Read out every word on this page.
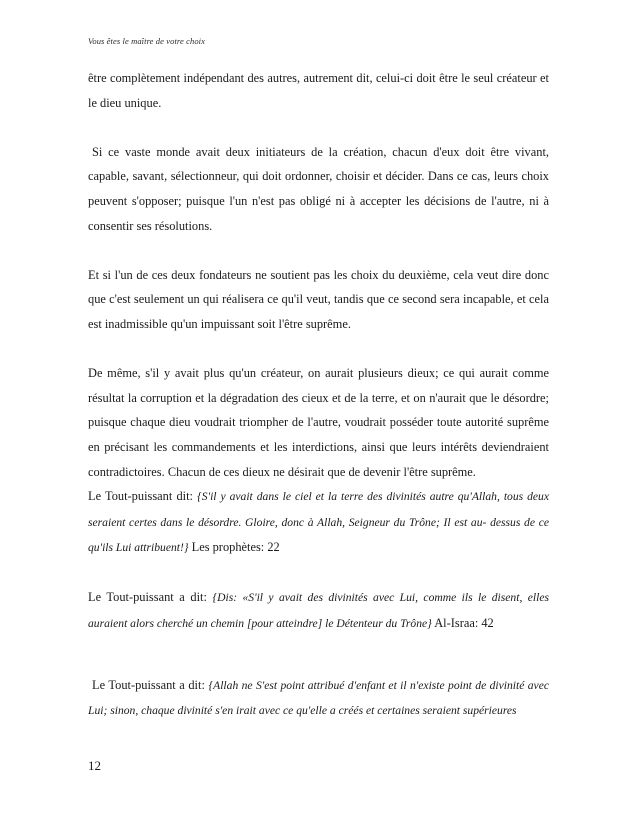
Vous êtes le maître de votre choix

être complètement indépendant des autres, autrement dit, celui-ci doit être le seul créateur et le dieu unique.

Si ce vaste monde avait deux initiateurs de la création, chacun d'eux doit être vivant, capable, savant, sélectionneur, qui doit ordonner, choisir et décider. Dans ce cas, leurs choix peuvent s'opposer; puisque l'un n'est pas obligé ni à accepter les décisions de l'autre, ni à consentir ses résolutions.

Et si l'un de ces deux fondateurs ne soutient pas les choix du deuxième, cela veut dire donc que c'est seulement un qui réalisera ce qu'il veut, tandis que ce second sera incapable, et cela est inadmissible qu'un impuissant soit l'être suprême.

De même, s'il y avait plus qu'un créateur, on aurait plusieurs dieux; ce qui aurait comme résultat la corruption et la dégradation des cieux et de la terre, et on n'aurait que le désordre; puisque chaque dieu voudrait triompher de l'autre, voudrait posséder toute autorité suprême en précisant les commandements et les interdictions, ainsi que leurs intérêts deviendraient contradictoires. Chacun de ces dieux ne désirait que de devenir l'être suprême.

Le Tout-puissant dit: {S'il y avait dans le ciel et la terre des divinités autre qu'Allah, tous deux seraient certes dans le désordre. Gloire, donc à Allah, Seigneur du Trône; Il est au- dessus de ce qu'ils Lui attribuent!} Les prophètes: 22

Le Tout-puissant a dit: {Dis: «S'il y avait des divinités avec Lui, comme ils le disent, elles auraient alors cherché un chemin [pour atteindre] le Détenteur du Trône} Al-Israa: 42

Le Tout-puissant a dit: {Allah ne S'est point attribué d'enfant et il n'existe point de divinité avec Lui; sinon, chaque divinité s'en irait avec ce qu'elle a créés et certaines seraient supérieures

12
